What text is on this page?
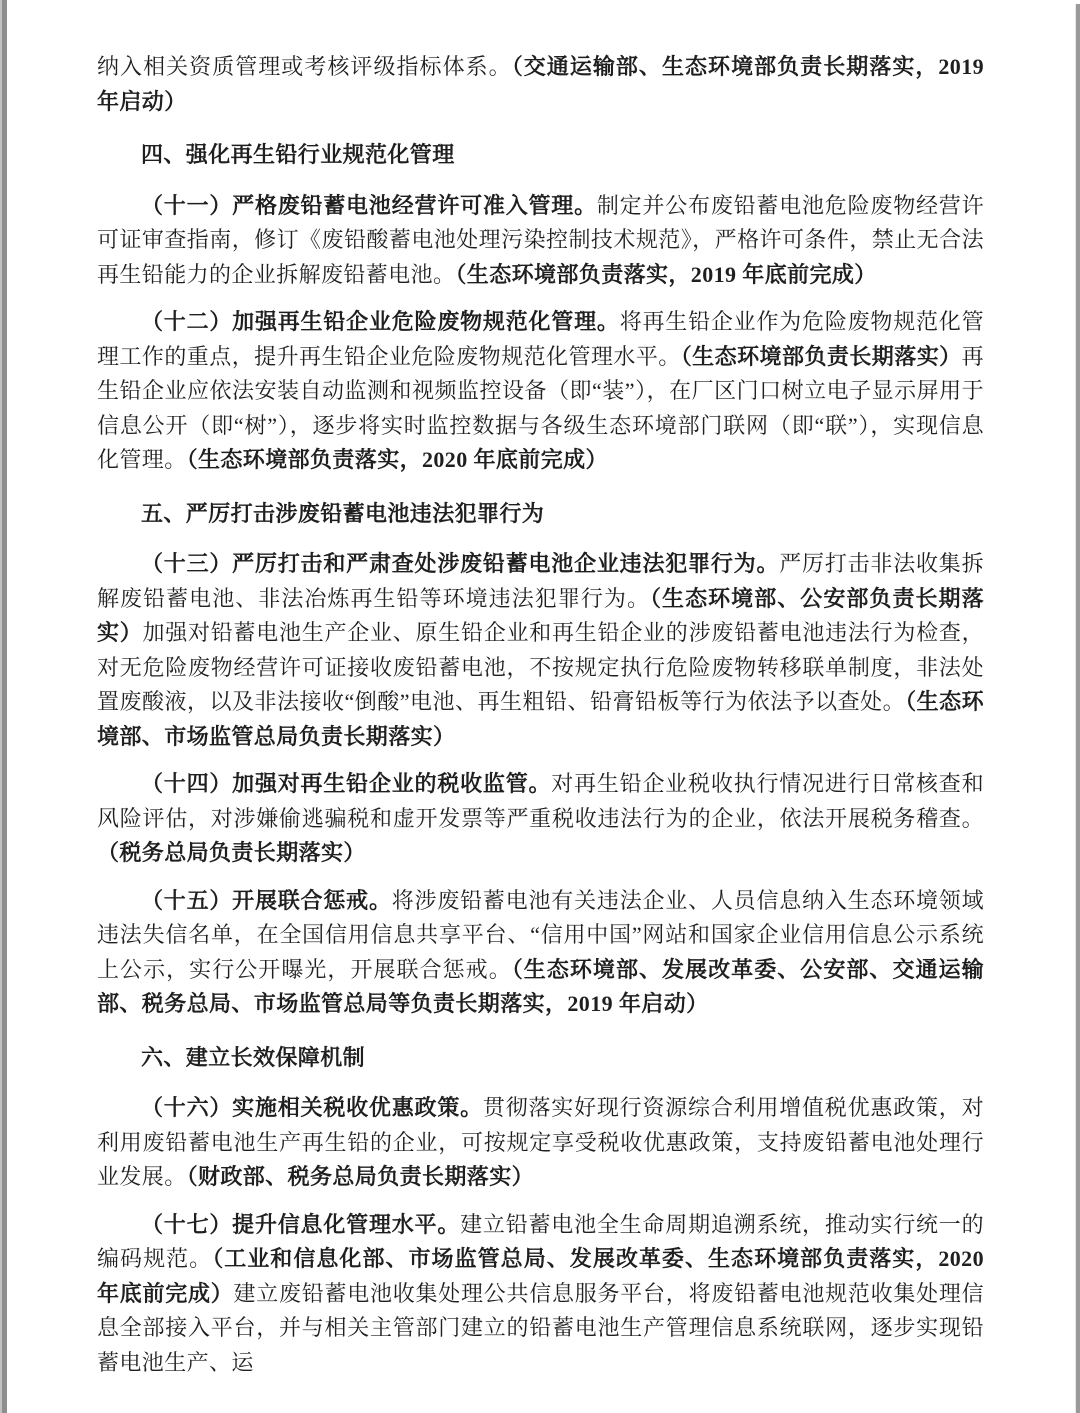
纳入相关资质管理或考核评级指标体系。（交通运输部、生态环境部负责长期落实，2019 年启动）

四、强化再生铅行业规范化管理

（十一）严格废铅蓄电池经营许可准入管理。制定并公布废铅蓄电池危险废物经营许可证审查指南，修订《废铅酸蓄电池处理污染控制技术规范》，严格许可条件，禁止无合法再生铅能力的企业拆解废铅蓄电池。（生态环境部负责落实，2019 年底前完成）

（十二）加强再生铅企业危险废物规范化管理。将再生铅企业作为危险废物规范化管理工作的重点，提升再生铅企业危险废物规范化管理水平。（生态环境部负责长期落实）再生铅企业应依法安装自动监测和视频监控设备（即“装”），在厂区门口树立电子显示屏用于信息公开（即“树”），逐步将实时监控数据与各级生态环境部门联网（即“联”），实现信息化管理。（生态环境部负责落实，2020 年底前完成）

五、严厉打击涉废铅蓄电池违法犯罪行为

（十三）严厉打击和严肃查处涉废铅蓄电池企业违法犯罪行为。严厉打击非法收集拆解废铅蓄电池、非法冶炼再生铅等环境违法犯罪行为。（生态环境部、公安部负责长期落实）加强对铅蓄电池生产企业、原生铅企业和再生铅企业的涉废铅蓄电池违法行为检查，对无危险废物经营许可证接收废铅蓄电池，不按规定执行危险废物转移联单制度，非法处置废酸液，以及非法接收“倒酸”电池、再生粗铅、铅膏铅板等行为依法予以查处。（生态环境部、市场监管总局负责长期落实）

（十四）加强对再生铅企业的税收监管。对再生铅企业税收执行情况进行日常核查和风险评估，对涉嫌偷逃骗税和虚开发票等严重税收违法行为的企业，依法开展税务稽查。（税务总局负责长期落实）

（十五）开展联合惩戒。将涉废铅蓄电池有关违法企业、人员信息纳入生态环境领域违法失信名单，在全国信用信息共享平台、“信用中国”网站和国家企业信用信息公示系统上公示，实行公开曝光，开展联合惩戒。（生态环境部、发展改革委、公安部、交通运输部、税务总局、市场监管总局等负责长期落实，2019 年启动）

六、建立长效保障机制

（十六）实施相关税收优惠政策。贯彻落实好现行资源综合利用增值税优惠政策，对利用废铅蓄电池生产再生铅的企业，可按规定享受税收优惠政策，支持废铅蓄电池处理行业发展。（财政部、税务总局负责长期落实）

（十七）提升信息化管理水平。建立铅蓄电池全生命周期追溯系统，推动实行统一的编码规范。（工业和信息化部、市场监管总局、发展改革委、生态环境部负责落实，2020 年底前完成）建立废铅蓄电池收集处理公共信息服务平台，将废铅蓄电池规范收集处理信息全部接入平台，并与相关主管部门建立的铅蓄电池生产管理信息系统联网，逐步实现铅蓄电池生产、运
